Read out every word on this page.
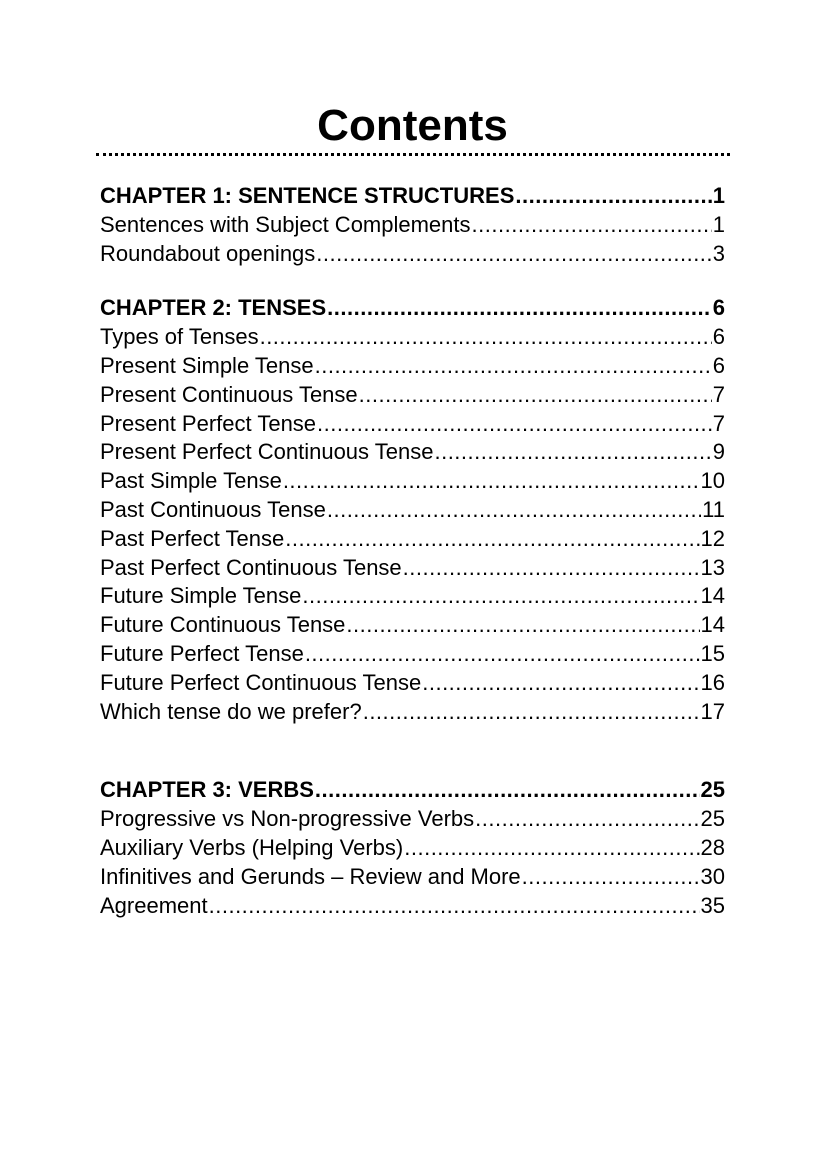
Contents
CHAPTER 1: SENTENCE STRUCTURES .....	1
Sentences with Subject Complements .....	1
Roundabout openings .....	3
CHAPTER 2: TENSES .....	6
Types of Tenses .....	6
Present Simple Tense .....	6
Present Continuous Tense .....	7
Present Perfect Tense .....	7
Present Perfect Continuous Tense .....	9
Past Simple Tense .....	10
Past Continuous Tense .....	11
Past Perfect Tense .....	12
Past Perfect Continuous Tense .....	13
Future Simple Tense .....	14
Future Continuous Tense .....	14
Future Perfect Tense .....	15
Future Perfect Continuous Tense .....	16
Which tense do we prefer? .....	17
CHAPTER 3: VERBS .....	25
Progressive vs Non-progressive Verbs .....	25
Auxiliary Verbs (Helping Verbs) .....	28
Infinitives and Gerunds – Review and More .....	30
Agreement .....	35
